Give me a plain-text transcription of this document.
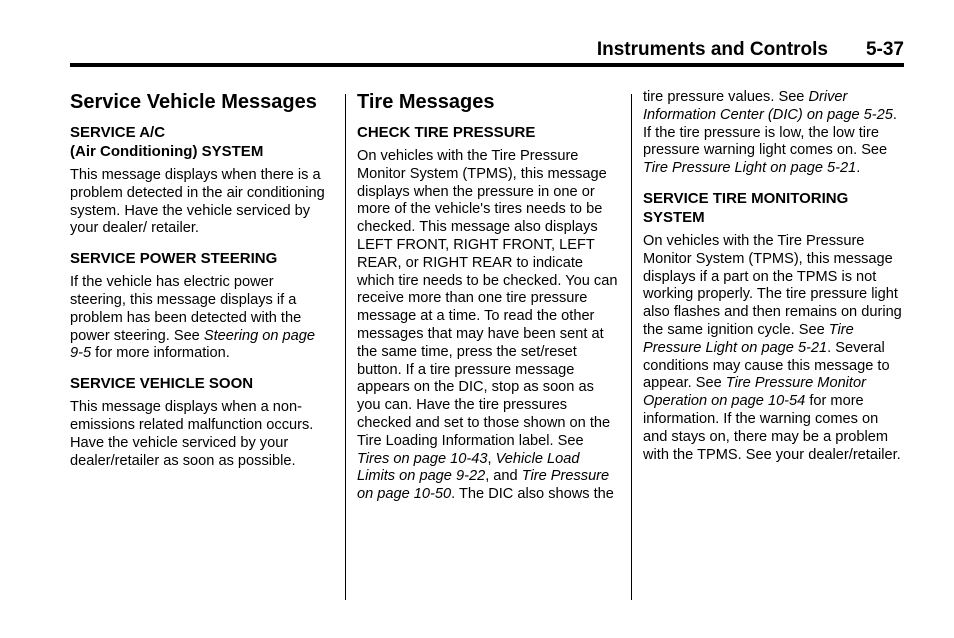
Instruments and Controls 5-37
Service Vehicle Messages
SERVICE A/C
(Air Conditioning) SYSTEM
This message displays when there is a problem detected in the air conditioning system. Have the vehicle serviced by your dealer/ retailer.
SERVICE POWER STEERING
If the vehicle has electric power steering, this message displays if a problem has been detected with the power steering. See Steering on page 9-5 for more information.
SERVICE VEHICLE SOON
This message displays when a non-emissions related malfunction occurs. Have the vehicle serviced by your dealer/retailer as soon as possible.
Tire Messages
CHECK TIRE PRESSURE
On vehicles with the Tire Pressure Monitor System (TPMS), this message displays when the pressure in one or more of the vehicle's tires needs to be checked. This message also displays LEFT FRONT, RIGHT FRONT, LEFT REAR, or RIGHT REAR to indicate which tire needs to be checked. You can receive more than one tire pressure message at a time. To read the other messages that may have been sent at the same time, press the set/reset button. If a tire pressure message appears on the DIC, stop as soon as you can. Have the tire pressures checked and set to those shown on the Tire Loading Information label. See Tires on page 10-43, Vehicle Load Limits on page 9-22, and Tire Pressure on page 10-50. The DIC also shows the
tire pressure values. See Driver Information Center (DIC) on page 5-25. If the tire pressure is low, the low tire pressure warning light comes on. See Tire Pressure Light on page 5-21.
SERVICE TIRE MONITORING SYSTEM
On vehicles with the Tire Pressure Monitor System (TPMS), this message displays if a part on the TPMS is not working properly. The tire pressure light also flashes and then remains on during the same ignition cycle. See Tire Pressure Light on page 5-21. Several conditions may cause this message to appear. See Tire Pressure Monitor Operation on page 10-54 for more information. If the warning comes on and stays on, there may be a problem with the TPMS. See your dealer/retailer.
